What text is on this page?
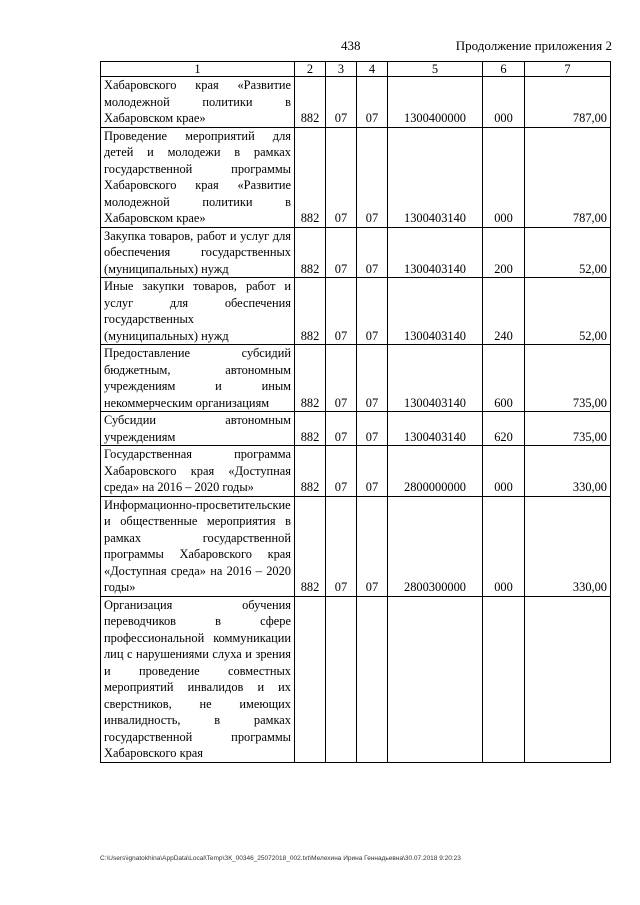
438	Продолжение приложения 2
1	2	3	4	5	6	7
Хабаровского края «Развитие молодежной политики в Хабаровском крае»	882	07	07	1300400000	000	787,00
Проведение мероприятий для детей и молодежи в рамках государственной программы Хабаровского края «Развитие молодежной политики в Хабаровском крае»	882	07	07	1300403140	000	787,00
Закупка товаров, работ и услуг для обеспечения государственных (муниципальных) нужд	882	07	07	1300403140	200	52,00
Иные закупки товаров, работ и услуг для обеспечения государственных (муниципальных) нужд	882	07	07	1300403140	240	52,00
Предоставление субсидий бюджетным, автономным учреждениям и иным некоммерческим организациям	882	07	07	1300403140	600	735,00
Субсидии автономным учреждениям	882	07	07	1300403140	620	735,00
Государственная программа Хабаровского края «Доступная среда» на 2016 – 2020 годы»	882	07	07	2800000000	000	330,00
Информационно-просветительские и общественные мероприятия в рамках государственной программы Хабаровского края «Доступная среда» на 2016 – 2020 годы»	882	07	07	2800300000	000	330,00
Организация обучения переводчиков в сфере профессиональной коммуникации лиц с нарушениями слуха и зрения и проведение совместных мероприятий инвалидов и их сверстников, не имеющих инвалидность, в рамках государственной программы Хабаровского края						
C:\Users\ignatokhina\AppData\Local\Temp\ЗК_00346_25072018_002.txt\Мелехина Ирина Геннадьевна\30.07.2018 9:20:23
